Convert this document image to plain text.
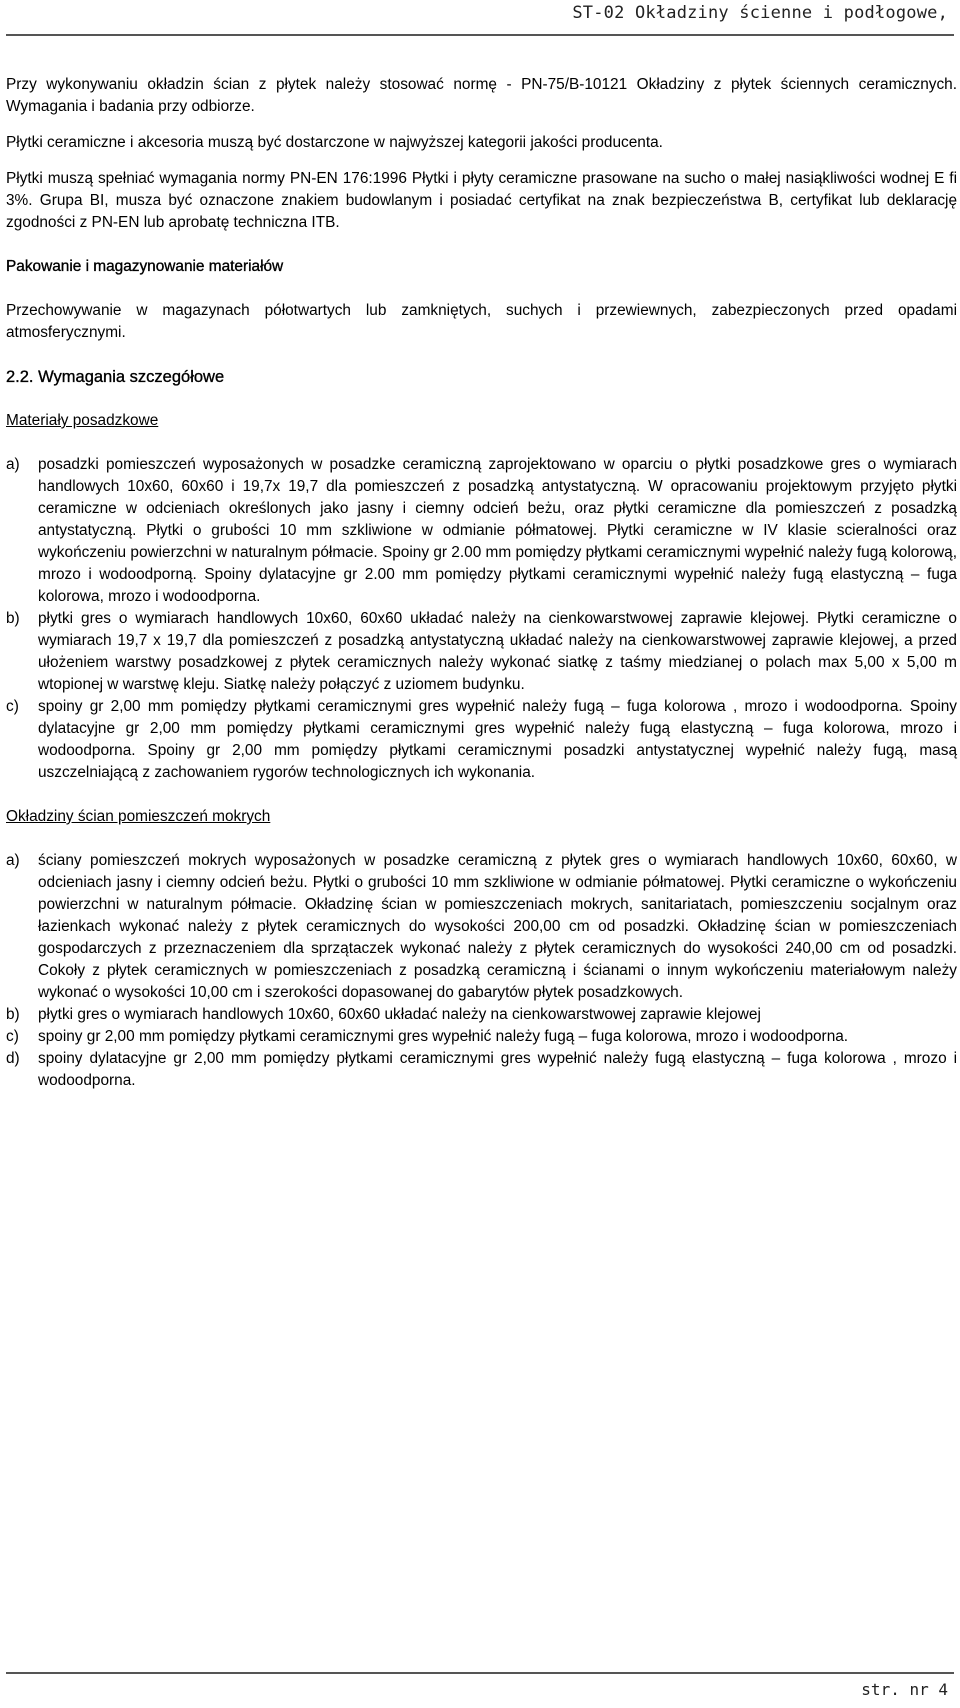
ST-02 Okładziny ścienne i podłogowe,

Przy wykonywaniu okładzin ścian z płytek należy stosować normę - PN-75/B-10121 Okładziny z płytek ściennych ceramicznych. Wymagania i badania przy odbiorze.

Płytki ceramiczne i akcesoria muszą być dostarczone w najwyższej kategorii jakości producenta.

Płytki muszą spełniać wymagania normy PN-EN 176:1996 Płytki i płyty ceramiczne prasowane na sucho o małej nasiąkliwości wodnej E fi 3%. Grupa BI, musza być oznaczone znakiem budowlanym i posiadać certyfikat na znak bezpieczeństwa B, certyfikat lub deklarację zgodności z PN-EN lub aprobatę techniczna ITB.

Pakowanie i magazynowanie materiałów

Przechowywanie w magazynach półotwartych lub zamkniętych, suchych i przewiewnych, zabezpieczonych przed opadami atmosferycznymi.

2.2. Wymagania szczegółowe

Materiały posadzkowe

a)	posadzki pomieszczeń wyposażonych w posadzke ceramiczną zaprojektowano w oparciu o płytki posadzkowe gres o wymiarach handlowych 10x60, 60x60 i 19,7x 19,7 dla pomieszczeń z posadzką antystatyczną. W opracowaniu projektowym przyjęto płytki ceramiczne w odcieniach określonych jako jasny i ciemny odcień beżu, oraz płytki ceramiczne dla pomieszczeń z posadzką antystatyczną. Płytki o grubości 10 mm szkliwione w odmianie półmatowej. Płytki ceramiczne w IV klasie scieralności oraz wykończeniu powierzchni w naturalnym półmacie. Spoiny gr 2.00 mm pomiędzy płytkami ceramicznymi wypełnić należy fugą kolorową, mrozo i wodoodporną. Spoiny dylatacyjne gr 2.00 mm pomiędzy płytkami ceramicznymi wypełnić należy fugą elastyczną – fuga kolorowa, mrozo i wodoodporna.
b)	płytki gres o wymiarach handlowych 10x60, 60x60 układać należy na cienkowarstwowej zaprawie klejowej. Płytki ceramiczne o wymiarach 19,7 x 19,7 dla pomieszczeń z posadzką antystatyczną układać należy na cienkowarstwowej zaprawie klejowej, a przed ułożeniem warstwy posadzkowej z płytek ceramicznych należy wykonać siatkę z taśmy miedzianej o polach max 5,00 x 5,00 m wtopionej w warstwę kleju. Siatkę należy połączyć z uziomem budynku.
c)	spoiny gr 2,00 mm pomiędzy płytkami ceramicznymi gres wypełnić należy fugą – fuga kolorowa , mrozo i wodoodporna. Spoiny dylatacyjne gr 2,00 mm pomiędzy płytkami ceramicznymi gres wypełnić należy fugą elastyczną – fuga kolorowa, mrozo i wodoodporna. Spoiny gr 2,00 mm pomiędzy płytkami ceramicznymi posadzki antystatycznej wypełnić należy fugą, masą uszczelniającą z zachowaniem rygorów technologicznych ich wykonania.

Okładziny ścian pomieszczeń mokrych

a)	ściany pomieszczeń mokrych wyposażonych w posadzke ceramiczną z płytek gres o wymiarach handlowych 10x60, 60x60, w odcieniach jasny i ciemny odcień beżu. Płytki o grubości 10 mm szkliwione w odmianie półmatowej. Płytki ceramiczne o wykończeniu powierzchni w naturalnym półmacie. Okładzinę ścian w pomieszczeniach mokrych, sanitariatach, pomieszczeniu socjalnym oraz łazienkach wykonać należy z płytek ceramicznych do wysokości 200,00 cm od posadzki. Okładzinę ścian w pomieszczeniach gospodarczych z przeznaczeniem dla sprzątaczek wykonać należy z płytek ceramicznych do wysokości 240,00 cm od posadzki. Cokoły z płytek ceramicznych w pomieszczeniach z posadzką ceramiczną i ścianami o innym wykończeniu materiałowym należy wykonać o wysokości 10,00 cm i szerokości dopasowanej do gabarytów płytek posadzkowych.
b)	płytki gres o wymiarach handlowych 10x60, 60x60 układać należy na cienkowarstwowej zaprawie klejowej
c)	spoiny gr 2,00 mm pomiędzy płytkami ceramicznymi gres wypełnić należy fugą – fuga kolorowa, mrozo i wodoodporna.
d)	spoiny dylatacyjne gr 2,00 mm pomiędzy płytkami ceramicznymi gres wypełnić należy fugą elastyczną – fuga kolorowa , mrozo i wodoodporna.
str. nr 4
